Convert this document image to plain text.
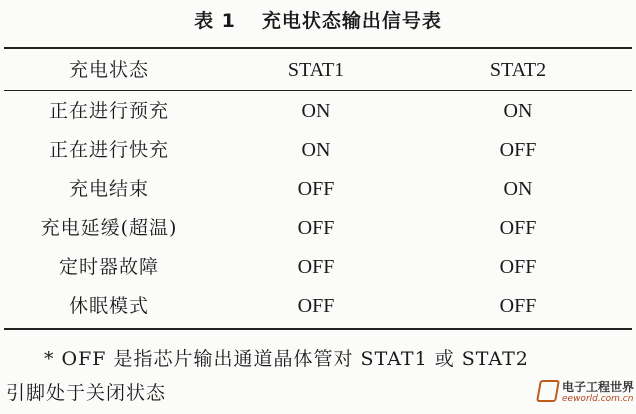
表 1 充电状态输出信号表
充电状态	STAT1	STAT2
正在进行预充	ON	ON
正在进行快充	ON	OFF
充电结束	OFF	ON
充电延缓(超温)	OFF	OFF
定时器故障	OFF	OFF
休眠模式	OFF	OFF
* OFF 是指芯片输出通道晶体管对 STAT1 或 STAT2
引脚处于关闭状态	电子工程世界
eeworld.com.cn
